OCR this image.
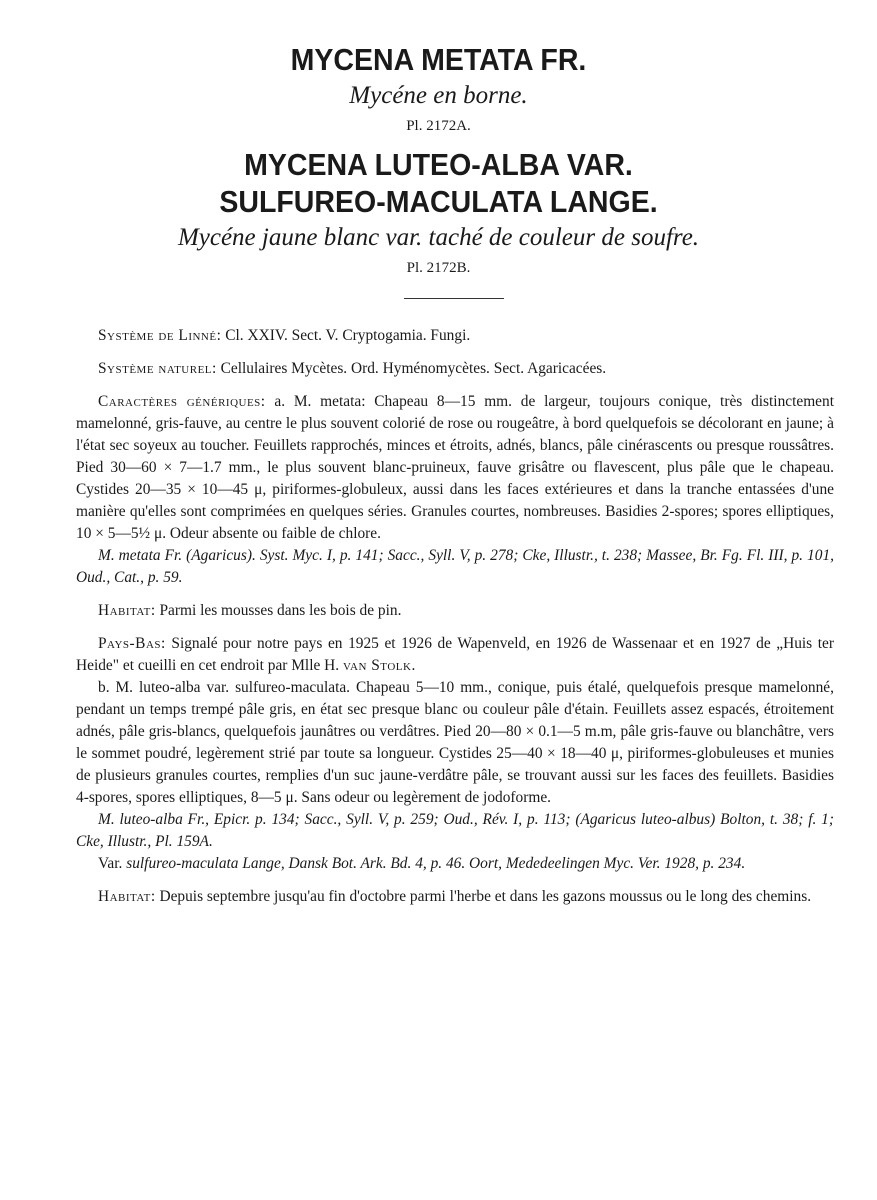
MYCENA METATA FR.
Mycéne en borne.
Pl. 2172A.
MYCENA LUTEO-ALBA VAR.
SULFUREO-MACULATA LANGE.
Mycéne jaune blanc var. taché de couleur de soufre.
Pl. 2172B.

Système de Linné: Cl. XXIV. Sect. V. Cryptogamia. Fungi.

Système naturel: Cellulaires Mycètes. Ord. Hyménomycètes. Sect. Agaricacées.

Caractères génériques: a. M. metata: Chapeau 8—15 mm. de largeur, toujours conique, très distinctement mamelonné, gris-fauve, au centre le plus souvent colorié de rose ou rougeâtre, à bord quelquefois se décolorant en jaune; à l'état sec soyeux au toucher. Feuillets rapprochés, minces et étroits, adnés, blancs, pâle cinérascents ou presque roussâtres. Pied 30—60 × 7—1.7 mm., le plus souvent blanc-pruineux, fauve grisâtre ou flavescent, plus pâle que le chapeau. Cystides 20—35 × 10—45 μ, piriformes-globuleux, aussi dans les faces extérieures et dans la tranche entassées d'une manière qu'elles sont comprimées en quelques séries. Granules courtes, nombreuses. Basidies 2-spores; spores elliptiques, 10 × 5—5½ μ. Odeur absente ou faible de chlore.

M. metata Fr. (Agaricus). Syst. Myc. I, p. 141; Sacc., Syll. V, p. 278; Cke, Illustr., t. 238; Massee, Br. Fg. Fl. III, p. 101, Oud., Cat., p. 59.

Habitat: Parmi les mousses dans les bois de pin.

Pays-Bas: Signalé pour notre pays en 1925 et 1926 de Wapenveld, en 1926 de Wassenaar et en 1927 de „Huis ter Heide" et cueilli en cet endroit par Mlle H. van Stolk.

b. M. luteo-alba var. sulfureo-maculata. Chapeau 5—10 mm., conique, puis étalé, quelquefois presque mamelonné, pendant un temps trempé pâle gris, en état sec presque blanc ou couleur pâle d'étain. Feuillets assez espacés, étroitement adnés, pâle gris-blancs, quelquefois jaunâtres ou verdâtres. Pied 20—80 × 0.1—5 m.m, pâle gris-fauve ou blanchâtre, vers le sommet poudré, legèrement strié par toute sa longueur. Cystides 25—40 × 18—40 μ, piriformes-globuleuses et munies de plusieurs granules courtes, remplies d'un suc jaune-verdâtre pâle, se trouvant aussi sur les faces des feuillets. Basidies 4-spores, spores elliptiques, 8—5 μ. Sans odeur ou legèrement de jodoforme.

M. luteo-alba Fr., Epicr. p. 134; Sacc., Syll. V, p. 259; Oud., Rév. I, p. 113; (Agaricus luteo-albus) Bolton, t. 38; f. 1; Cke, Illustr., Pl. 159A.

Var. sulfureo-maculata Lange, Dansk Bot. Ark. Bd. 4, p. 46. Oort, Mededeelingen Myc. Ver. 1928, p. 234.

Habitat: Depuis septembre jusqu'au fin d'octobre parmi l'herbe et dans les gazons moussus ou le long des chemins.
